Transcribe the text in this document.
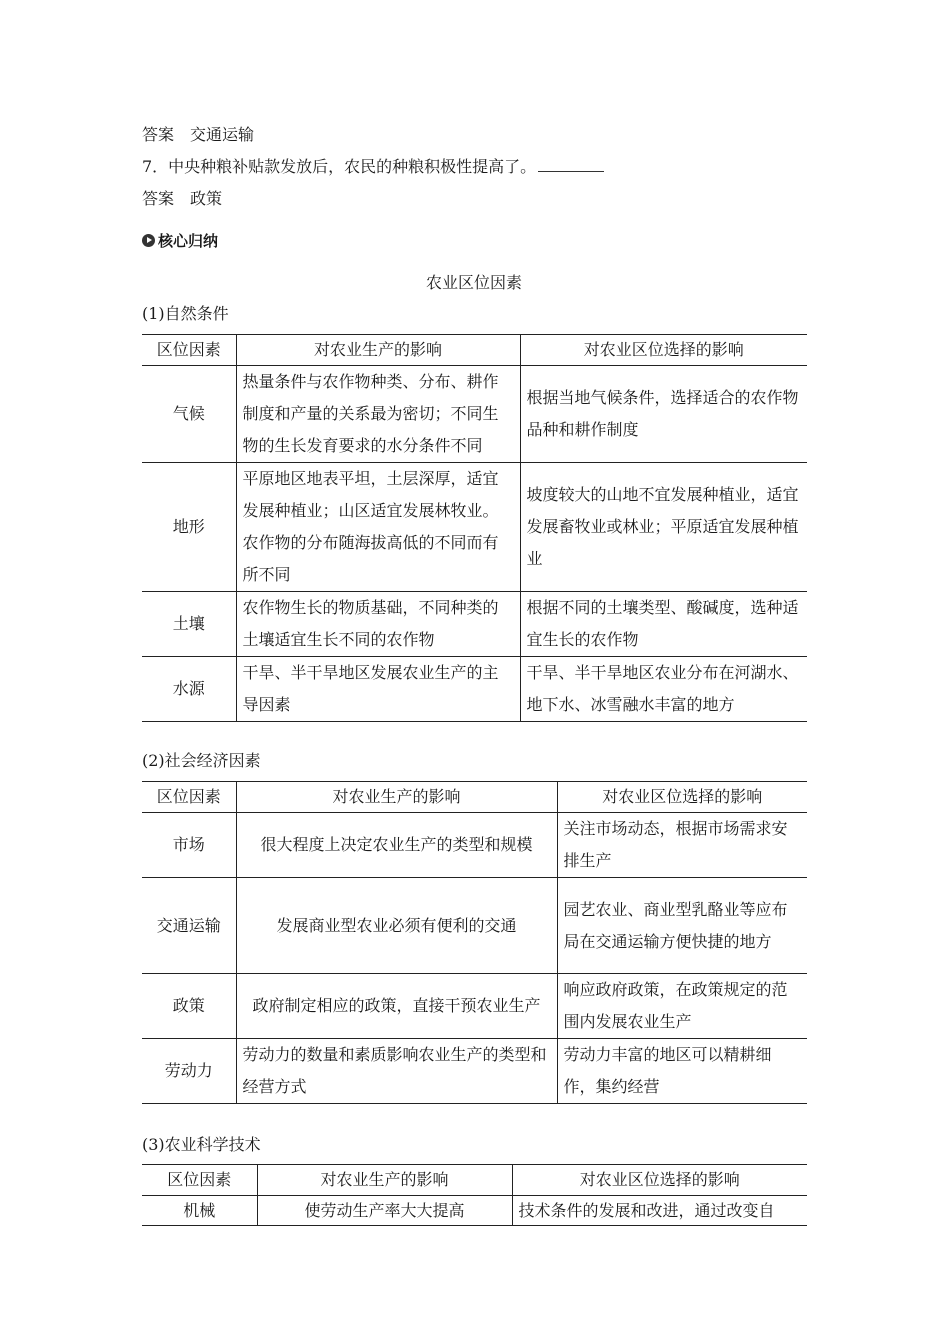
答案　交通运输
7．中央种粮补贴款发放后，农民的种粮积极性提高了。
答案　政策
核心归纳
农业区位因素
(1)自然条件
区位因素	对农业生产的影响	对农业区位选择的影响
气候	热量条件与农作物种类、分布、耕作制度和产量的关系最为密切；不同生物的生长发育要求的水分条件不同	根据当地气候条件，选择适合的农作物品种和耕作制度
地形	平原地区地表平坦，土层深厚，适宜发展种植业；山区适宜发展林牧业。农作物的分布随海拔高低的不同而有所不同	坡度较大的山地不宜发展种植业，适宜发展畜牧业或林业；平原适宜发展种植业
土壤	农作物生长的物质基础，不同种类的土壤适宜生长不同的农作物	根据不同的土壤类型、酸碱度，选种适宜生长的农作物
水源	干旱、半干旱地区发展农业生产的主导因素	干旱、半干旱地区农业分布在河湖水、地下水、冰雪融水丰富的地方
(2)社会经济因素
区位因素	对农业生产的影响	对农业区位选择的影响
市场	很大程度上决定农业生产的类型和规模	关注市场动态，根据市场需求安排生产
交通运输	发展商业型农业必须有便利的交通	园艺农业、商业型乳酪业等应布局在交通运输方便快捷的地方
政策	政府制定相应的政策，直接干预农业生产	响应政府政策，在政策规定的范围内发展农业生产
劳动力	劳动力的数量和素质影响农业生产的类型和经营方式	劳动力丰富的地区可以精耕细作，集约经营
(3)农业科学技术
区位因素	对农业生产的影响	对农业区位选择的影响
机械	使劳动生产率大大提高	技术条件的发展和改进，通过改变自
